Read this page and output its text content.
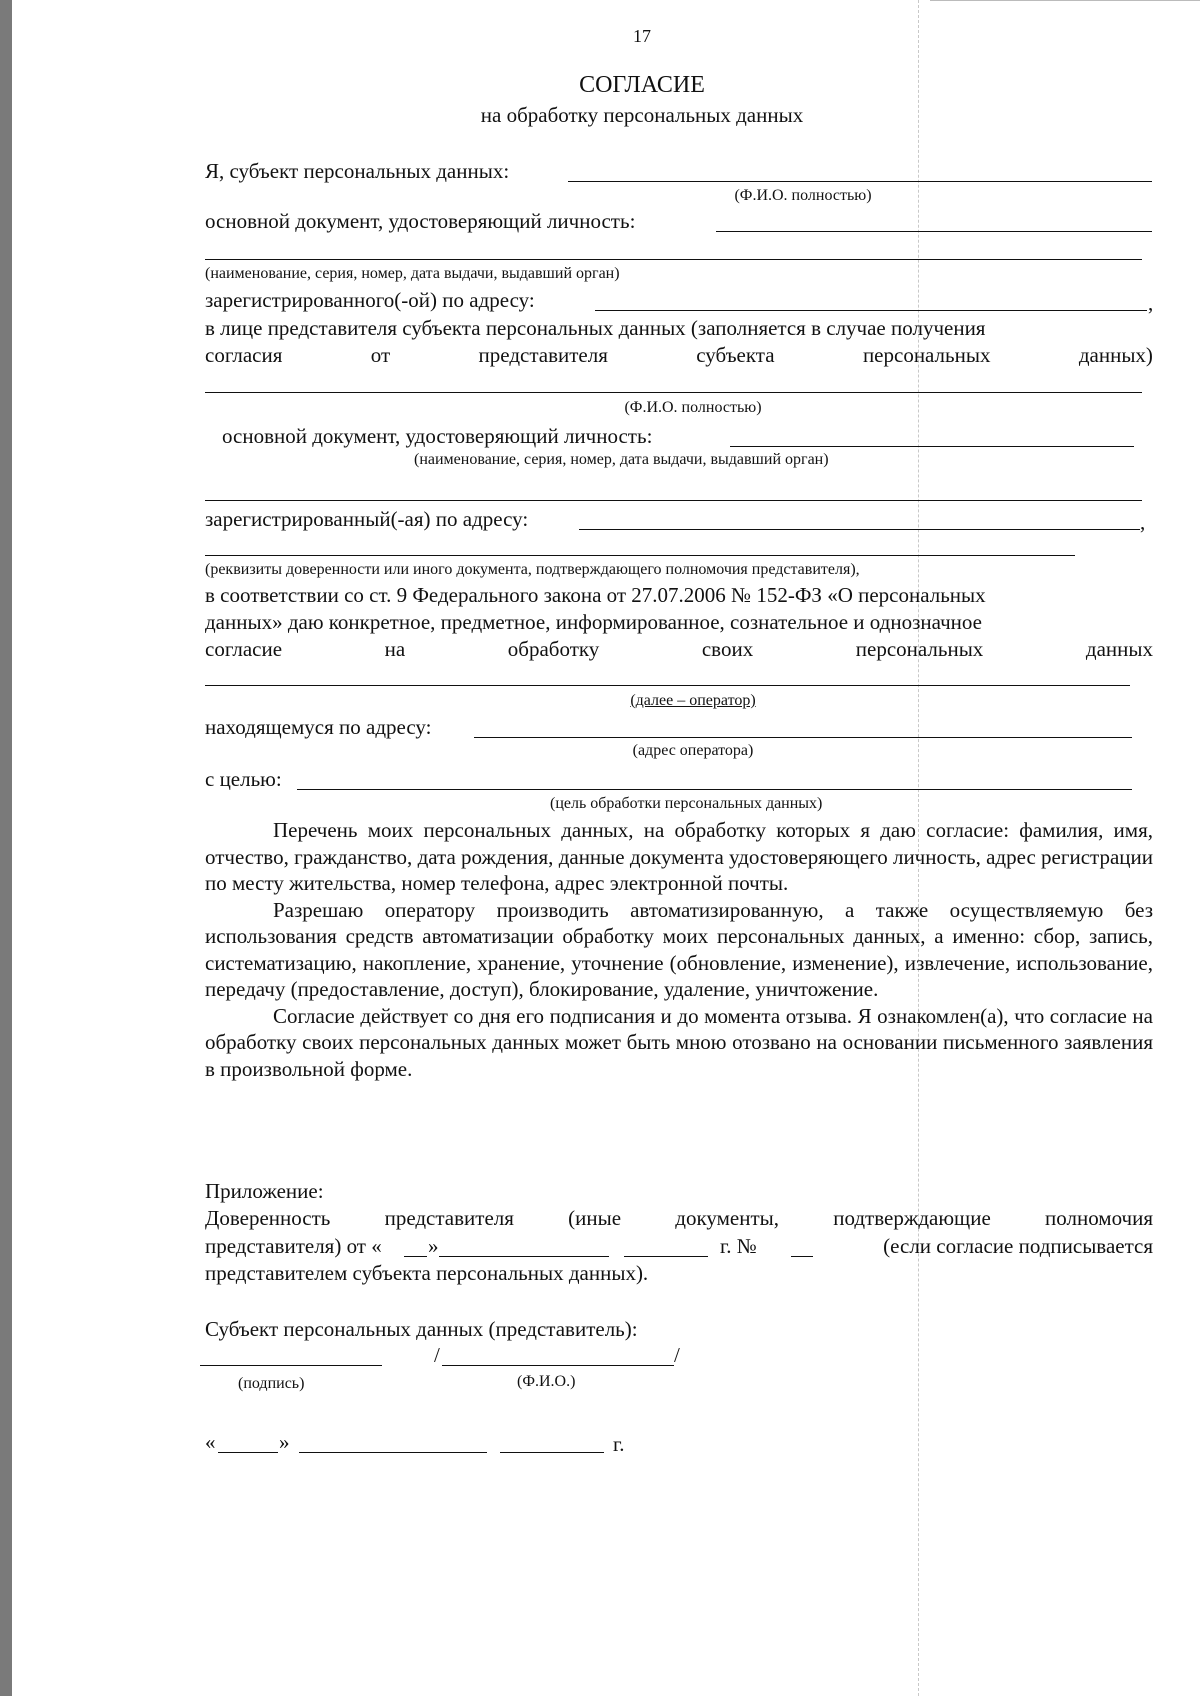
17
СОГЛАСИЕ
на обработку персональных данных
Я, субъект персональных данных:
(Ф.И.О. полностью)
основной документ, удостоверяющий личность:
(наименование, серия, номер, дата выдачи, выдавший орган)
зарегистрированного(-ой) по адресу:	,
в лице представителя субъекта персональных данных (заполняется в случае получения
согласия	от	представителя	субъекта	персональных	данных)
(Ф.И.О. полностью)
основной документ, удостоверяющий личность:
(наименование, серия, номер, дата выдачи, выдавший орган)
зарегистрированный(-ая) по адресу:	,
(реквизиты доверенности или иного документа, подтверждающего полномочия представителя),
в соответствии со ст. 9 Федерального закона от 27.07.2006 № 152-ФЗ «О персональных
данных» даю конкретное, предметное, информированное, сознательное и однозначное
согласие	на	обработку	своих	персональных	данных
(далее – оператор)
находящемуся по адресу:
(адрес оператора)
с целью:
(цель обработки персональных данных)

Перечень моих персональных данных, на обработку которых я даю согласие: фамилия, имя, отчество, гражданство, дата рождения, данные документа удостоверяющего личность, адрес регистрации по месту жительства, номер телефона, адрес электронной почты.

Разрешаю оператору производить автоматизированную, а также осуществляемую без использования средств автоматизации обработку моих персональных данных, а именно: сбор, запись, систематизацию, накопление, хранение, уточнение (обновление, изменение), извлечение, использование, передачу (предоставление, доступ), блокирование, удаление, уничтожение.

Согласие действует со дня его подписания и до момента отзыва. Я ознакомлен(а), что согласие на обработку своих персональных данных может быть мною отозвано на основании письменного заявления в произвольной форме.

Приложение:
Доверенность	представителя	(иные	документы,	подтверждающие	полномочия
представителя) от « »	г. №	(если согласие подписывается
представителем субъекта персональных данных).
Субъект персональных данных (представитель):
/	/
(подпись)	(Ф.И.О.)
«	»	г.
